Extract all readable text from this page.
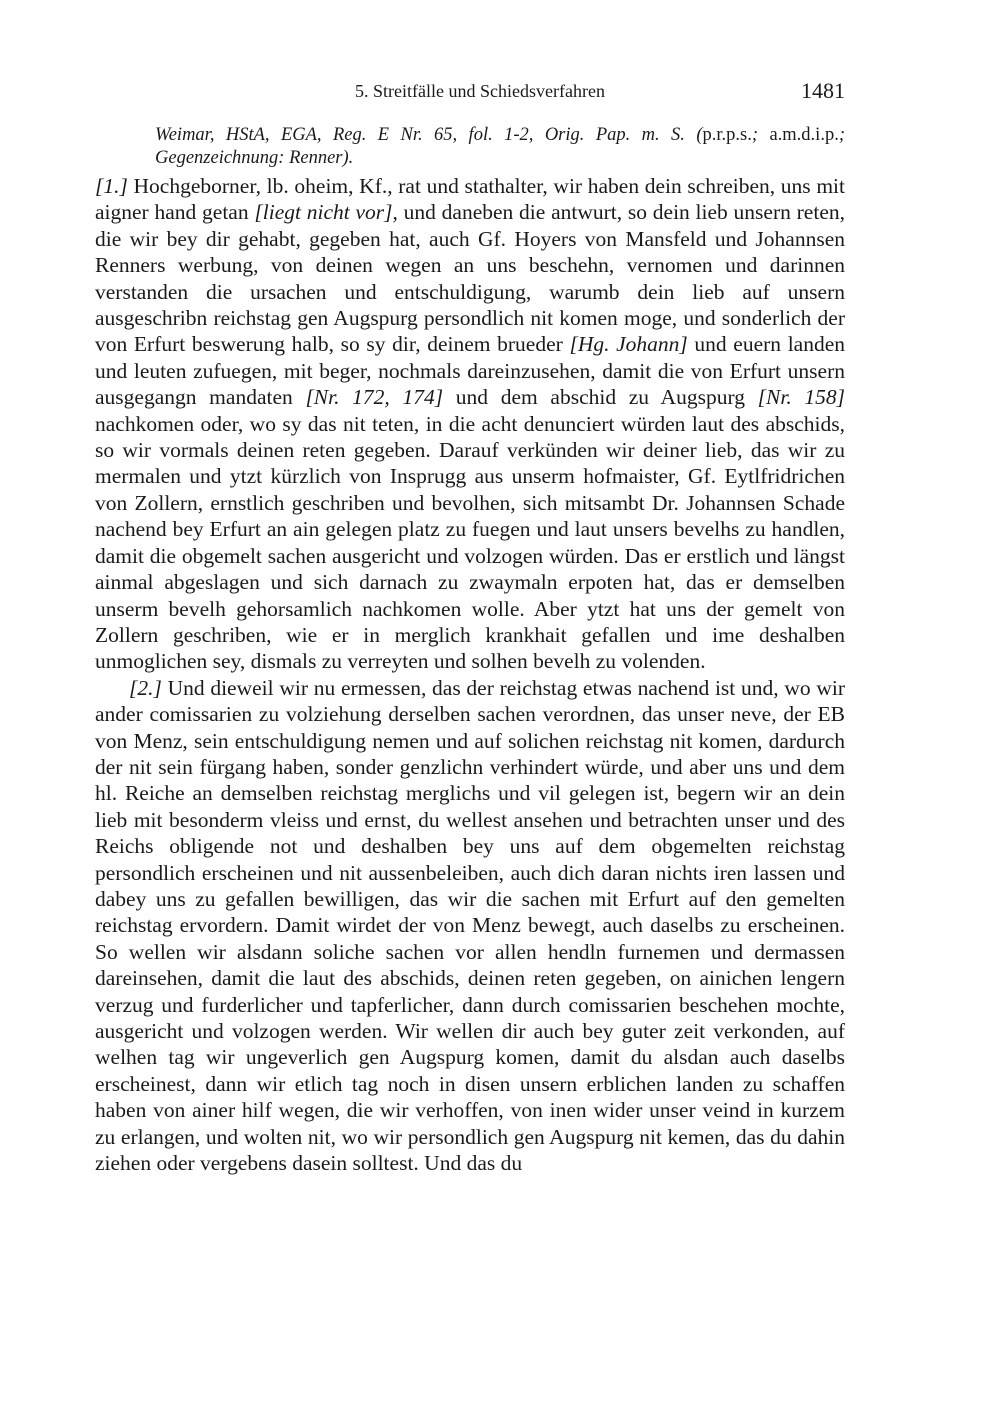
5. Streitfälle und Schiedsverfahren	1481
Weimar, HStA, EGA, Reg. E Nr. 65, fol. 1-2, Orig. Pap. m. S. (p.r.p.s.; a.m.d.i.p.; Gegenzeichnung: Renner).

[1.] Hochgeborner, lb. oheim, Kf., rat und stathalter, wir haben dein schreiben, uns mit aigner hand getan [liegt nicht vor], und daneben die antwurt, so dein lieb unsern reten, die wir bey dir gehabt, gegeben hat, auch Gf. Hoyers von Mansfeld und Johannsen Renners werbung, von deinen wegen an uns beschehn, vernomen und darinnen verstanden die ursachen und entschuldigung, warumb dein lieb auf unsern ausgeschribn reichstag gen Augspurg persondlich nit komen moge, und sonderlich der von Erfurt beswerung halb, so sy dir, deinem brueder [Hg. Johann] und euern landen und leuten zufuegen, mit beger, nochmals dareinzusehen, damit die von Erfurt unsern ausgegangn mandaten [Nr. 172, 174] und dem abschid zu Augspurg [Nr. 158] nachkomen oder, wo sy das nit teten, in die acht denunciert würden laut des abschids, so wir vormals deinen reten gegeben. Darauf verkünden wir deiner lieb, das wir zu mermalen und ytzt kürzlich von Insprugg aus unserm hofmaister, Gf. Eytlfridrichen von Zollern, ernstlich geschriben und bevolhen, sich mitsambt Dr. Johannsen Schade nachend bey Erfurt an ain gelegen platz zu fuegen und laut unsers bevelhs zu handlen, damit die obgemelt sachen ausgericht und volzogen würden. Das er erstlich und längst ainmal abgeslagen und sich darnach zu zwaymaln erpoten hat, das er demselben unserm bevelh gehorsamlich nachkomen wolle. Aber ytzt hat uns der gemelt von Zollern geschriben, wie er in merglich krankhait gefallen und ime deshalben unmoglichen sey, dismals zu verreyten und solhen bevelh zu volenden.

[2.] Und dieweil wir nu ermessen, das der reichstag etwas nachend ist und, wo wir ander comissarien zu volziehung derselben sachen verordnen, das unser neve, der EB von Menz, sein entschuldigung nemen und auf solichen reichstag nit komen, dardurch der nit sein fürgang haben, sonder genzlichn verhindert würde, und aber uns und dem hl. Reiche an demselben reichstag merglichs und vil gelegen ist, begern wir an dein lieb mit besonderm vleiss und ernst, du wellest ansehen und betrachten unser und des Reichs obligende not und deshalben bey uns auf dem obgemelten reichstag persondlich erscheinen und nit aussenbeleiben, auch dich daran nichts iren lassen und dabey uns zu gefallen bewilligen, das wir die sachen mit Erfurt auf den gemelten reichstag ervordern. Damit wirdet der von Menz bewegt, auch daselbs zu erscheinen. So wellen wir alsdann soliche sachen vor allen hendln furnemen und dermassen dareinsehen, damit die laut des abschids, deinen reten gegeben, on ainichen lengern verzug und furderlicher und tapferlicher, dann durch comissarien beschehen mochte, ausgericht und volzogen werden. Wir wellen dir auch bey guter zeit verkonden, auf welhen tag wir ungeverlich gen Augspurg komen, damit du alsdan auch daselbs erscheinest, dann wir etlich tag noch in disen unsern erblichen landen zu schaffen haben von ainer hilf wegen, die wir verhoffen, von inen wider unser veind in kurzem zu erlangen, und wolten nit, wo wir persondlich gen Augspurg nit kemen, das du dahin ziehen oder vergebens dasein solltest. Und das du
